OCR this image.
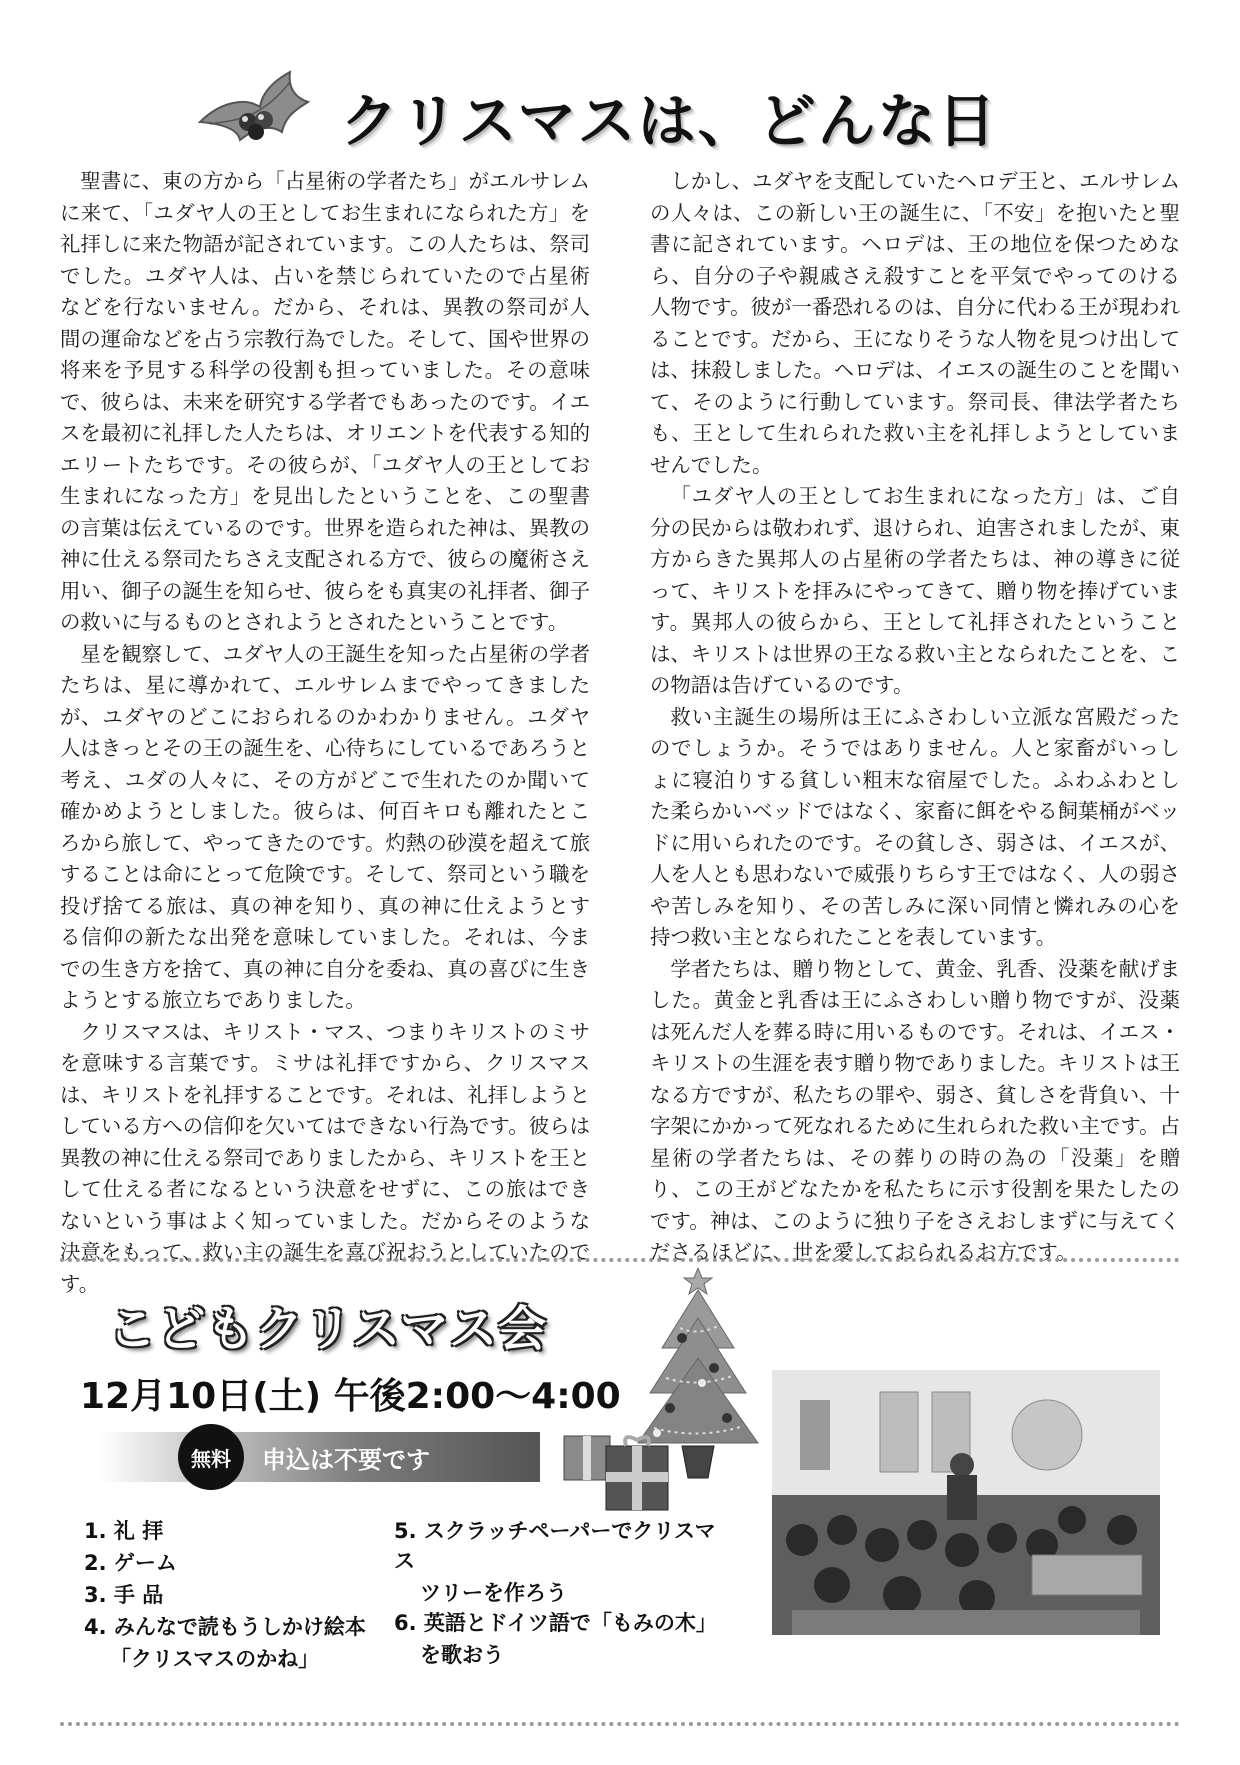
クリスマスは、どんな日

聖書に、東の方から「占星術の学者たち」がエルサレムに来て、「ユダヤ人の王としてお生まれになられた方」を礼拝しに来た物語が記されています。この人たちは、祭司でした。ユダヤ人は、占いを禁じられていたので占星術などを行ないません。だから、それは、異教の祭司が人間の運命などを占う宗教行為でした。そして、国や世界の将来を予見する科学の役割も担っていました。その意味で、彼らは、未来を研究する学者でもあったのです。イエスを最初に礼拝した人たちは、オリエントを代表する知的エリートたちです。その彼らが、「ユダヤ人の王としてお生まれになった方」を見出したということを、この聖書の言葉は伝えているのです。世界を造られた神は、異教の神に仕える祭司たちさえ支配される方で、彼らの魔術さえ用い、御子の誕生を知らせ、彼らをも真実の礼拝者、御子の救いに与るものとされようとされたということです。

星を観察して、ユダヤ人の王誕生を知った占星術の学者たちは、星に導かれて、エルサレムまでやってきましたが、ユダヤのどこにおられるのかわかりません。ユダヤ人はきっとその王の誕生を、心待ちにしているであろうと考え、ユダの人々に、その方がどこで生れたのか聞いて確かめようとしました。彼らは、何百キロも離れたところから旅して、やってきたのです。灼熱の砂漠を超えて旅することは命にとって危険です。そして、祭司という職を投げ捨てる旅は、真の神を知り、真の神に仕えようとする信仰の新たな出発を意味していました。それは、今までの生き方を捨て、真の神に自分を委ね、真の喜びに生きようとする旅立ちでありました。

クリスマスは、キリスト・マス、つまりキリストのミサを意味する言葉です。ミサは礼拝ですから、クリスマスは、キリストを礼拝することです。それは、礼拝しようとしている方への信仰を欠いてはできない行為です。彼らは異教の神に仕える祭司でありましたから、キリストを王として仕える者になるという決意をせずに、この旅はできないという事はよく知っていました。だからそのような決意をもって、救い主の誕生を喜び祝おうとしていたのです。

しかし、ユダヤを支配していたヘロデ王と、エルサレムの人々は、この新しい王の誕生に、「不安」を抱いたと聖書に記されています。ヘロデは、王の地位を保つためなら、自分の子や親戚さえ殺すことを平気でやってのける人物です。彼が一番恐れるのは、自分に代わる王が現われることです。だから、王になりそうな人物を見つけ出しては、抹殺しました。ヘロデは、イエスの誕生のことを聞いて、そのように行動しています。祭司長、律法学者たちも、王として生れられた救い主を礼拝しようとしていませんでした。

「ユダヤ人の王としてお生まれになった方」は、ご自分の民からは敬われず、退けられ、迫害されましたが、東方からきた異邦人の占星術の学者たちは、神の導きに従って、キリストを拝みにやってきて、贈り物を捧げています。異邦人の彼らから、王として礼拝されたということは、キリストは世界の王なる救い主となられたことを、この物語は告げているのです。

救い主誕生の場所は王にふさわしい立派な宮殿だったのでしょうか。そうではありません。人と家畜がいっしょに寝泊りする貧しい粗末な宿屋でした。ふわふわとした柔らかいベッドではなく、家畜に餌をやる飼葉桶がベッドに用いられたのです。その貧しさ、弱さは、イエスが、人を人とも思わないで威張りちらす王ではなく、人の弱さや苦しみを知り、その苦しみに深い同情と憐れみの心を持つ救い主となられたことを表しています。

学者たちは、贈り物として、黄金、乳香、没薬を献げました。黄金と乳香は王にふさわしい贈り物ですが、没薬は死んだ人を葬る時に用いるものです。それは、イエス・キリストの生涯を表す贈り物でありました。キリストは王なる方ですが、私たちの罪や、弱さ、貧しさを背負い、十字架にかかって死なれるために生れられた救い主です。占星術の学者たちは、その葬りの時の為の「没薬」を贈り、この王がどなたかを私たちに示す役割を果たしたのです。神は、このように独り子をさえおしまずに与えてくださるほどに、世を愛しておられるお方です。

こどもクリスマス会
12月10日(土) 午後2:00～4:00
無料	申込は不要です
1. 礼 拝
2. ゲーム
3. 手 品
4. みんなで読もうしかけ絵本
「クリスマスのかね」
5. スクラッチペーパーでクリスマス
ツリーを作ろう
6. 英語とドイツ語で「もみの木」
を歌おう
